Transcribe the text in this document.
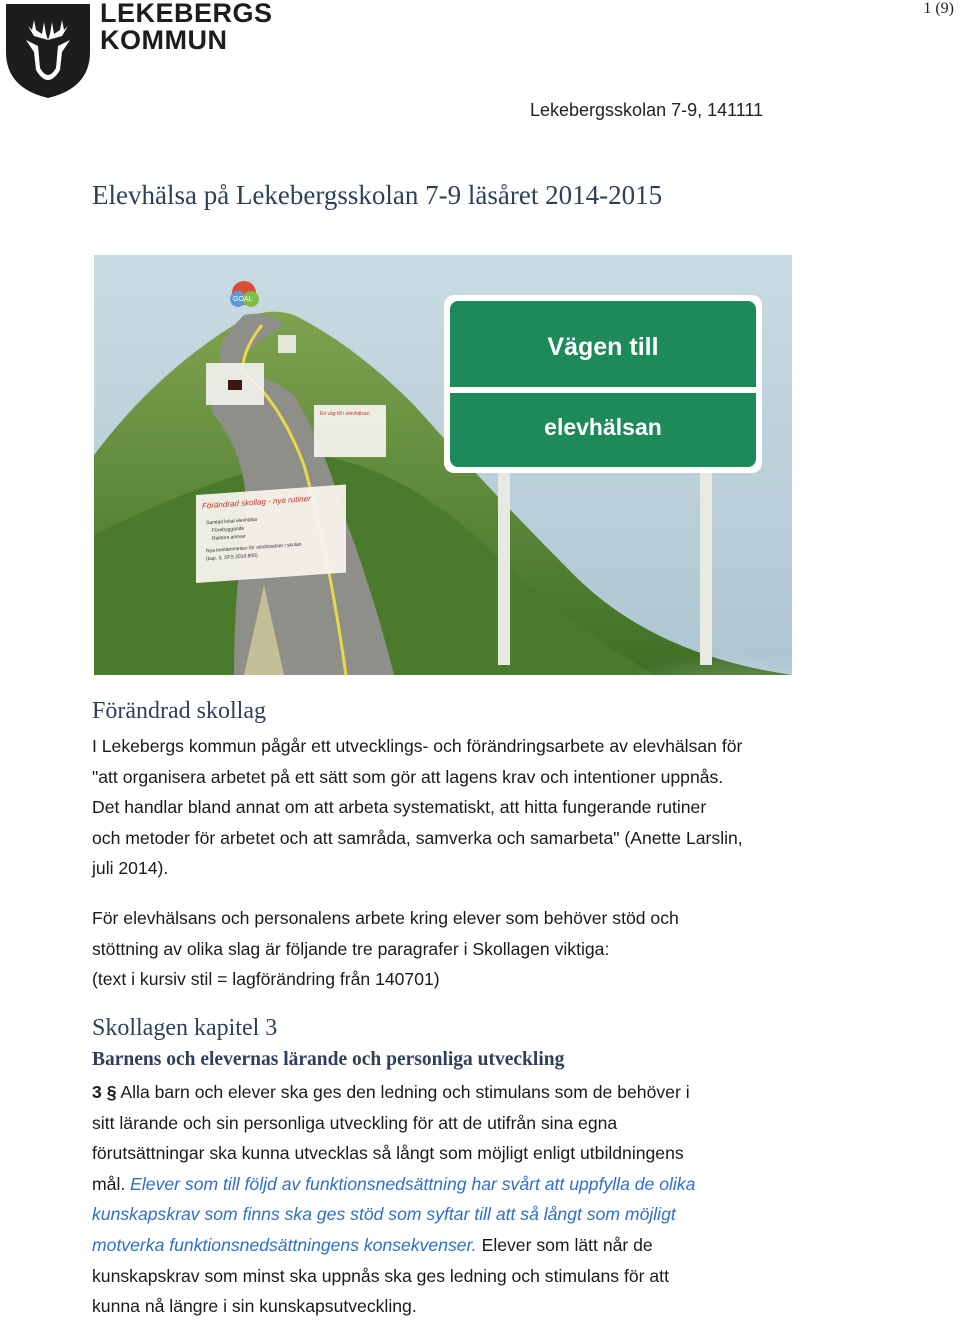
LEKEBERGS
KOMMUN
1 (9)
Lekebergsskolan 7-9, 141111
Elevhälsa på Lekebergsskolan 7-9 läsåret 2014-2015
En väg till i elevhälsan
GOAL
Förändrad skollag - nya rutiner
Samlad lokal elevhälsa
Förebyggande
Rektors ansvar
Nya bestämmelser för stödinsatser i skolan
(kap. 3, SFS 2010:800)
Vägen till
elevhälsan
Förändrad skollag
I Lekebergs kommun pågår ett utvecklings- och förändringsarbete av elevhälsan för
"att organisera arbetet på ett sätt som gör att lagens krav och intentioner uppnås.
Det handlar bland annat om att arbeta systematiskt, att hitta fungerande rutiner
och metoder för arbetet och att samråda, samverka och samarbeta" (Anette Larslin,
juli 2014).
För elevhälsans och personalens arbete kring elever som behöver stöd och
stöttning av olika slag är följande tre paragrafer i Skollagen viktiga:
(text i kursiv stil = lagförändring från 140701)
Skollagen kapitel 3
Barnens och elevernas lärande och personliga utveckling
3 § Alla barn och elever ska ges den ledning och stimulans som de behöver i
sitt lärande och sin personliga utveckling för att de utifrån sina egna
förutsättningar ska kunna utvecklas så långt som möjligt enligt utbildningens
mål. Elever som till följd av funktionsnedsättning har svårt att uppfylla de olika
kunskapskrav som finns ska ges stöd som syftar till att så långt som möjligt
motverka funktionsnedsättningens konsekvenser. Elever som lätt når de
kunskapskrav som minst ska uppnås ska ges ledning och stimulans för att
kunna nå längre i sin kunskapsutveckling.
